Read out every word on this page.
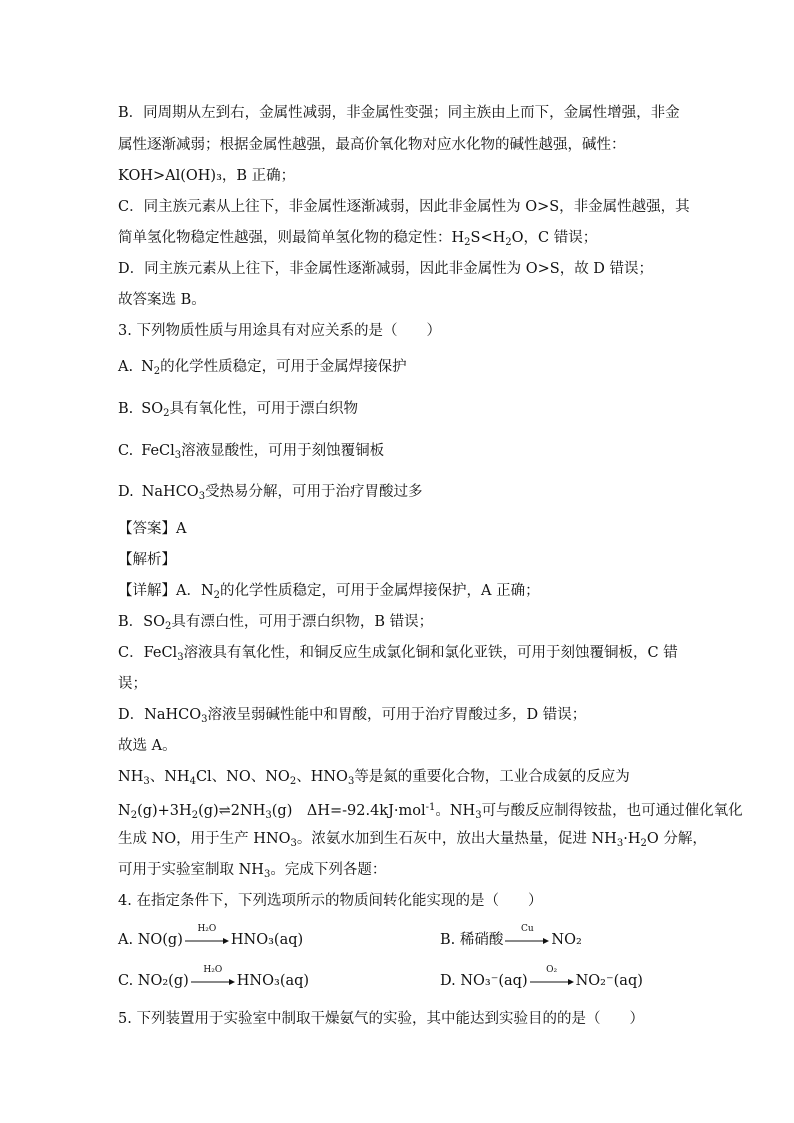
B．同周期从左到右，金属性减弱，非金属性变强；同主族由上而下，金属性增强，非金
属性逐渐减弱；根据金属性越强，最高价氧化物对应水化物的碱性越强，碱性：
KOH>Al(OH)₃，B 正确；
C．同主族元素从上往下，非金属性逐渐减弱，因此非金属性为 O>S，非金属性越强，其
简单氢化物稳定性越强，则最简单氢化物的稳定性：$H_2S<H_2O$，C 错误；
D．同主族元素从上往下，非金属性逐渐减弱，因此非金属性为 O>S，故 D 错误；
故答案选 B。
3. 下列物质性质与用途具有对应关系的是（　　）
A. $N_2$的化学性质稳定，可用于金属焊接保护
B. $SO_2$具有氧化性，可用于漂白织物
C. FeCl$_3$溶液显酸性，可用于刻蚀覆铜板
D. NaHCO$_3$受热易分解，可用于治疗胃酸过多
【答案】A
【解析】
【详解】A．$N_2$的化学性质稳定，可用于金属焊接保护，A 正确；
B．$SO_2$具有漂白性，可用于漂白织物，B 错误；
C．FeCl$_3$溶液具有氧化性，和铜反应生成氯化铜和氯化亚铁，可用于刻蚀覆铜板，C 错
误；
D．NaHCO$_3$溶液呈弱碱性能中和胃酸，可用于治疗胃酸过多，D 错误；
故选 A。
$NH_3$、$NH_4Cl$、NO、$NO_2$、$HNO_3$等是氮的重要化合物，工业合成氨的反应为
$N_2(g)+3H_2(g)\rightleftharpoons 2NH_3(g)$　ΔH=-92.4kJ·mol$^{-1}$。$NH_3$可与酸反应制得铵盐，也可通过催化氧化
生成 NO，用于生产 $HNO_3$。浓氨水加到生石灰中，放出大量热量，促进 $NH_3\cdot H_2O$ 分解，
可用于实验室制取 $NH_3$。完成下列各题：
4. 在指定条件下，下列选项所示的物质间转化能实现的是（　　）
A. NO(g)
H₂O
HNO₃(aq)	B. 稀硝酸
Cu
NO₂
C. NO₂(g)
H₂O
HNO₃(aq)	D. NO₃⁻(aq)
O₂
NO₂⁻(aq)
5. 下列装置用于实验室中制取干燥氨气的实验，其中能达到实验目的的是（　　）
